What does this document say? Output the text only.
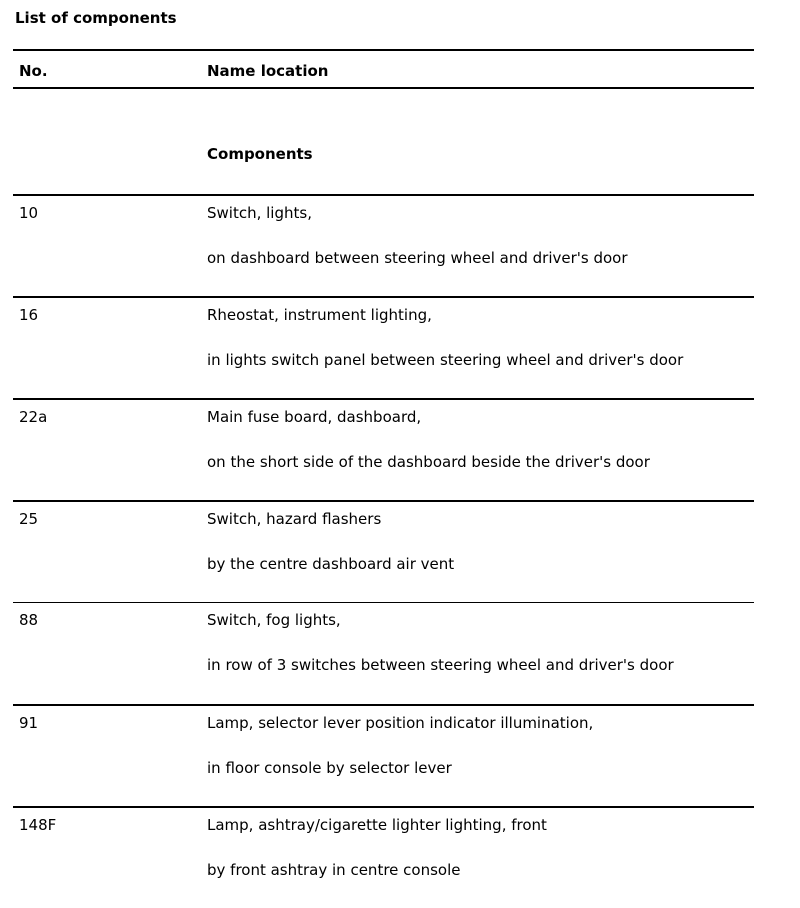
List of components
No.	Name location
Components
10	Switch, lights,
on dashboard between steering wheel and driver's door
16	Rheostat, instrument lighting,
in lights switch panel between steering wheel and driver's door
22a	Main fuse board, dashboard,
on the short side of the dashboard beside the driver's door
25	Switch, hazard flashers
by the centre dashboard air vent
88	Switch, fog lights,
in row of 3 switches between steering wheel and driver's door
91	Lamp, selector lever position indicator illumination,
in floor console by selector lever
148F	Lamp, ashtray/cigarette lighter lighting, front
by front ashtray in centre console
